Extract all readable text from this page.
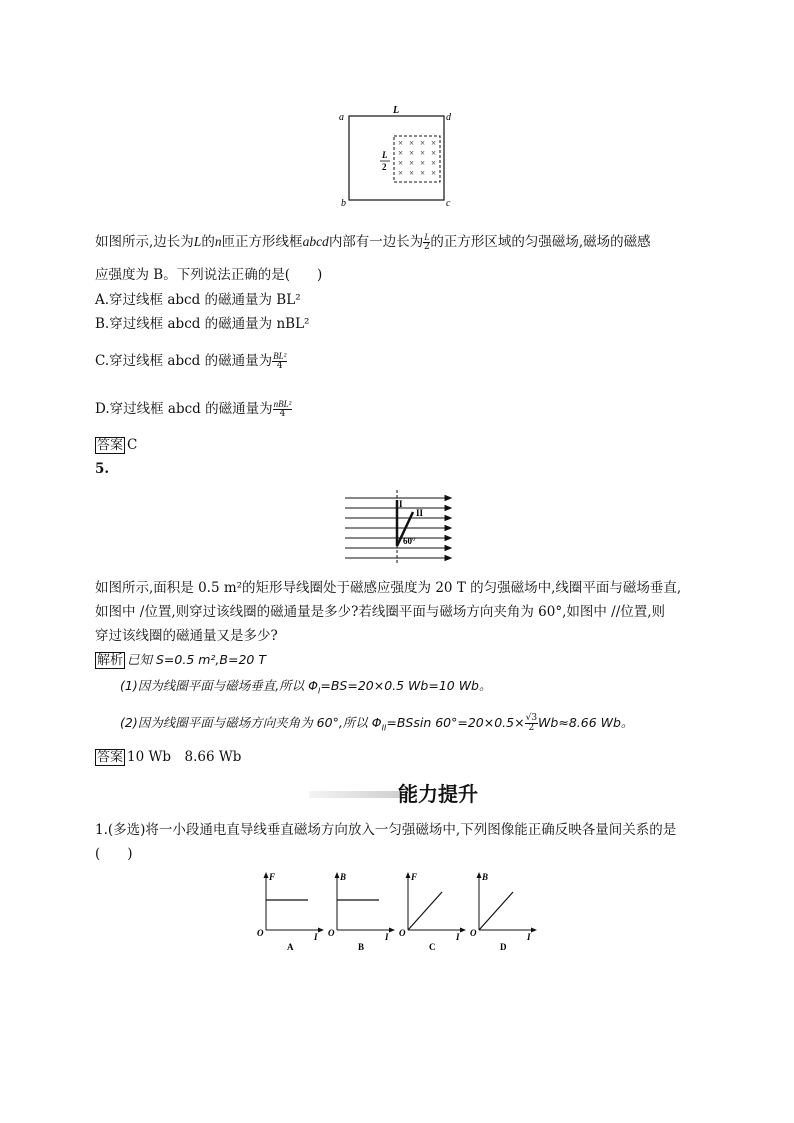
× × × ×
× × × ×
× × × ×
× × × ×
a	d
b	c
L
L
2
如图所示,边长为L的n匝正方形线框abcd内部有一边长为 $\frac{L}{2}$ 的正方形区域的匀强磁场,磁场的磁感
应强度为 B。下列说法正确的是(　　)
A.穿过线框 abcd 的磁通量为 BL²
B.穿过线框 abcd 的磁通量为 nBL²
C.穿过线框 abcd 的磁通量为 $\frac{\text{BL²}}{4}$
D.穿过线框 abcd 的磁通量为 $\frac{\text{nBL²}}{4}$
答案 C
5.
I
II
60°
如图所示,面积是 0.5 m²的矩形导线圈处于磁感应强度为 20 T 的匀强磁场中,线圈平面与磁场垂直,
如图中 /位置,则穿过该线圈的磁通量是多少?若线圈平面与磁场方向夹角为 60°,如图中 //位置,则
穿过该线圈的磁通量又是多少?
解析 已知 S=0.5 m²,B=20 T
(1)因为线圈平面与磁场垂直,所以 $\Phi_I=BS=20\times 0.5$ Wb=10 Wb。
(2)因为线圈平面与磁场方向夹角为 60°,所以 $\Phi_{II}=BSsin$ $60^\circ=20\times 0.5\times \frac{√3}{2} Wb\approx 8.66$ Wb。
答案 10 Wb　8.66 Wb
能力提升
1.(多选)将一小段通电直导线垂直磁场方向放入一匀强磁场中,下列图像能正确反映各量间关系的是
(　　)
F
O	I
A
B
O	I
B
F
O	I
C
B
O	I
D
